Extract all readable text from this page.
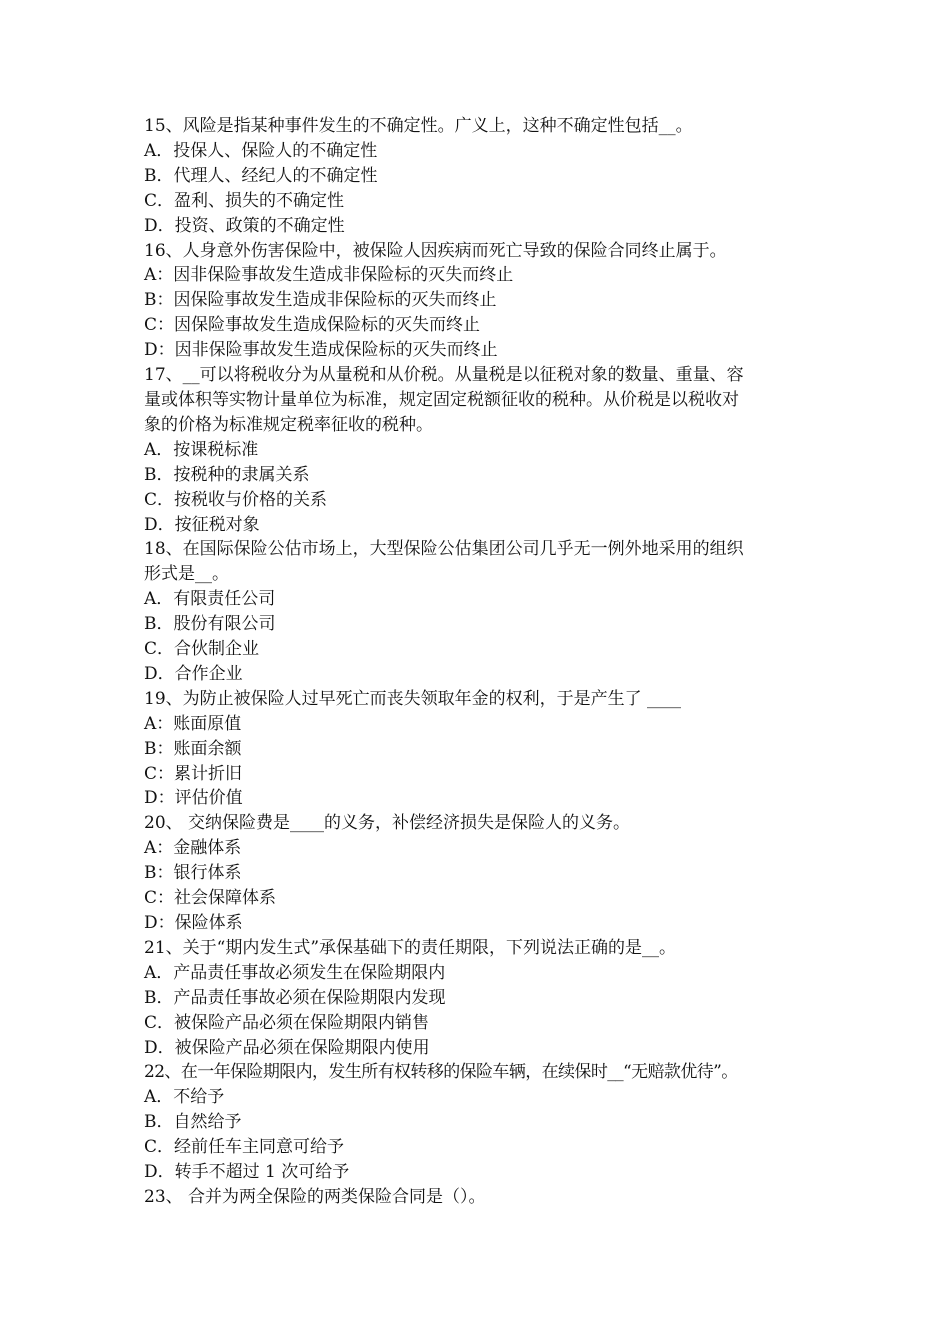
15、风险是指某种事件发生的不确定性。广义上，这种不确定性包括__。

A．投保人、保险人的不确定性

B．代理人、经纪人的不确定性

C．盈利、损失的不确定性

D．投资、政策的不确定性

16、人身意外伤害保险中，被保险人因疾病而死亡导致的保险合同终止属于。

A：因非保险事故发生造成非保险标的灭失而终止

B：因保险事故发生造成非保险标的灭失而终止

C：因保险事故发生造成保险标的灭失而终止

D：因非保险事故发生造成保险标的灭失而终止

17、__可以将税收分为从量税和从价税。从量税是以征税对象的数量、重量、容

量或体积等实物计量单位为标准，规定固定税额征收的税种。从价税是以税收对

象的价格为标准规定税率征收的税种。

A．按课税标准

B．按税种的隶属关系

C．按税收与价格的关系

D．按征税对象

18、在国际保险公估市场上，大型保险公估集团公司几乎无一例外地采用的组织

形式是__。

A．有限责任公司

B．股份有限公司

C．合伙制企业

D．合作企业

19、为防止被保险人过早死亡而丧失领取年金的权利，于是产生了 ____

A：账面原值

B：账面余额

C：累计折旧

D：评估价值

20、 交纳保险费是____的义务，补偿经济损失是保险人的义务。

A：金融体系

B：银行体系

C：社会保障体系

D：保险体系

21、关于“期内发生式”承保基础下的责任期限，下列说法正确的是__。

A．产品责任事故必须发生在保险期限内

B．产品责任事故必须在保险期限内发现

C．被保险产品必须在保险期限内销售

D．被保险产品必须在保险期限内使用

22、在一年保险期限内，发生所有权转移的保险车辆，在续保时__“无赔款优待”。

A．不给予

B．自然给予

C．经前任车主同意可给予

D．转手不超过 1 次可给予

23、 合并为两全保险的两类保险合同是（）。
